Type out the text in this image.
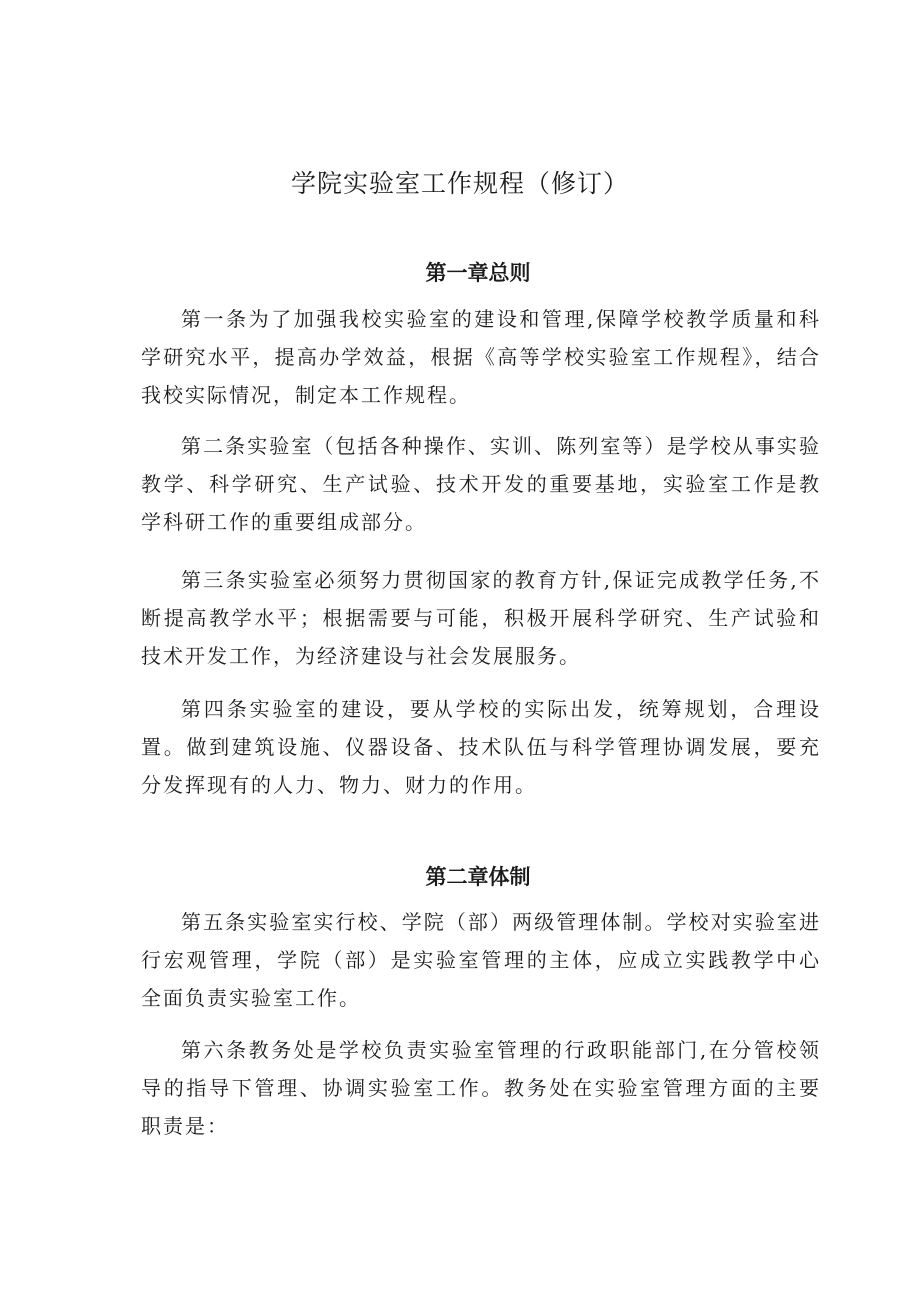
学院实验室工作规程（修订）
第一章总则

第一条为了加强我校实验室的建设和管理,保障学校教学质量和科学研究水平，提高办学效益，根据《高等学校实验室工作规程》，结合我校实际情况，制定本工作规程。

第二条实验室（包括各种操作、实训、陈列室等）是学校从事实验教学、科学研究、生产试验、技术开发的重要基地，实验室工作是教学科研工作的重要组成部分。

第三条实验室必须努力贯彻国家的教育方针,保证完成教学任务,不断提高教学水平；根据需要与可能，积极开展科学研究、生产试验和技术开发工作，为经济建设与社会发展服务。

第四条实验室的建设，要从学校的实际出发，统筹规划，合理设置。做到建筑设施、仪器设备、技术队伍与科学管理协调发展，要充分发挥现有的人力、物力、财力的作用。

第二章体制

第五条实验室实行校、学院（部）两级管理体制。学校对实验室进行宏观管理，学院（部）是实验室管理的主体，应成立实践教学中心全面负责实验室工作。

第六条教务处是学校负责实验室管理的行政职能部门,在分管校领导的指导下管理、协调实验室工作。教务处在实验室管理方面的主要职责是：
